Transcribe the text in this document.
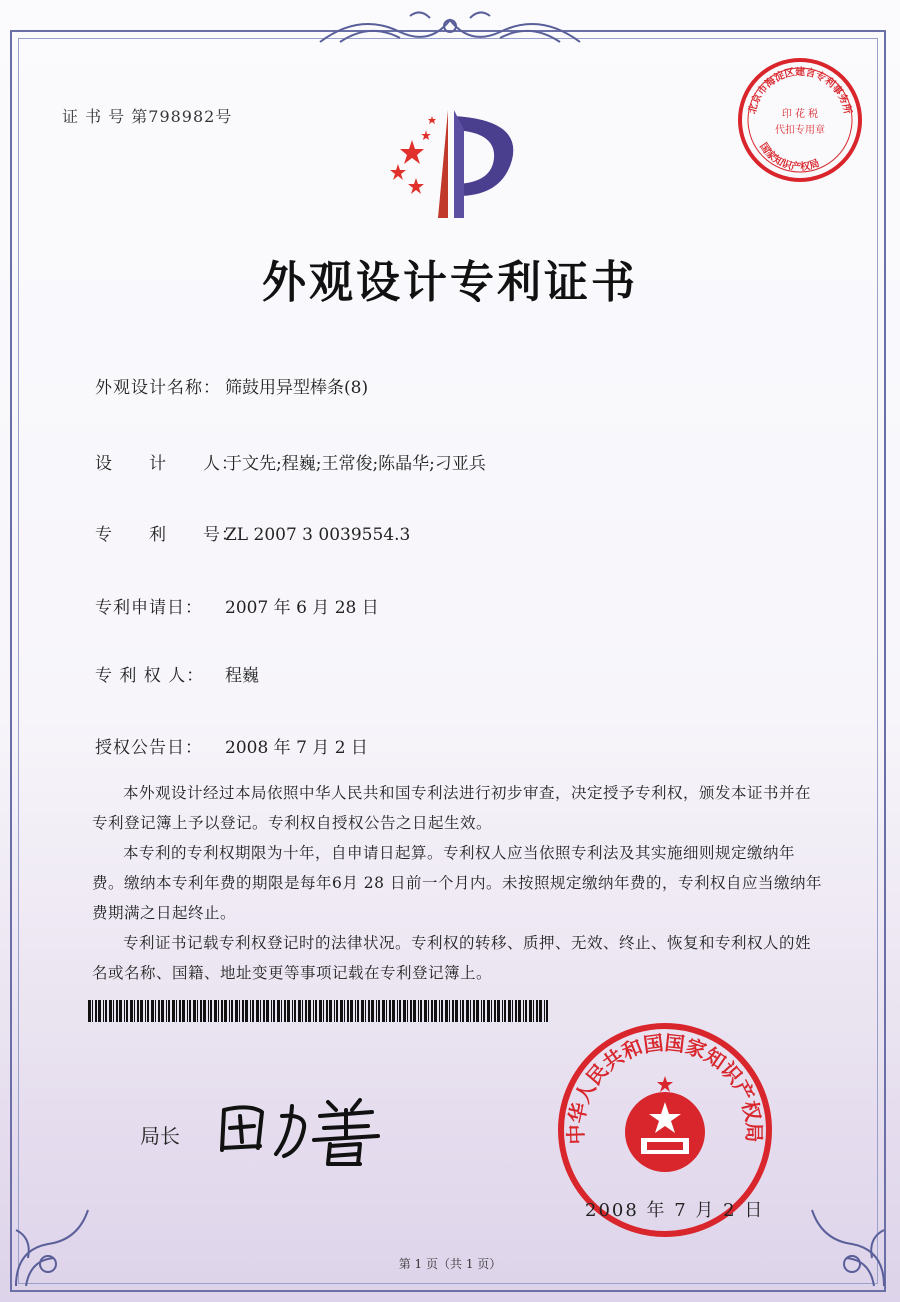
证 书 号 第798982号	北京市海淀区建言专利事务所
国家知识产权局
印 花 税
代扣专用章
外观设计专利证书
外观设计名称： 筛鼓用异型棒条(8)
设　　计　　人：于文先;程巍;王常俊;陈晶华;刁亚兵
专　　利　　号：ZL 2007 3 0039554.3
专利申请日： 2007 年 6 月 28 日
专 利 权 人： 程巍
授权公告日： 2008 年 7 月 2 日

本外观设计经过本局依照中华人民共和国专利法进行初步审查，决定授予专利权，颁发本证书并在专利登记簿上予以登记。专利权自授权公告之日起生效。

本专利的专利权期限为十年，自申请日起算。专利权人应当依照专利法及其实施细则规定缴纳年费。缴纳本专利年费的期限是每年6月 28 日前一个月内。未按照规定缴纳年费的，专利权自应当缴纳年费期满之日起终止。

专利证书记载专利权登记时的法律状况。专利权的转移、质押、无效、终止、恢复和专利权人的姓名或名称、国籍、地址变更等事项记载在专利登记簿上。

局长	中华人民共和国国家知识产权局
2008 年 7 月 2 日
第 1 页（共 1 页）
